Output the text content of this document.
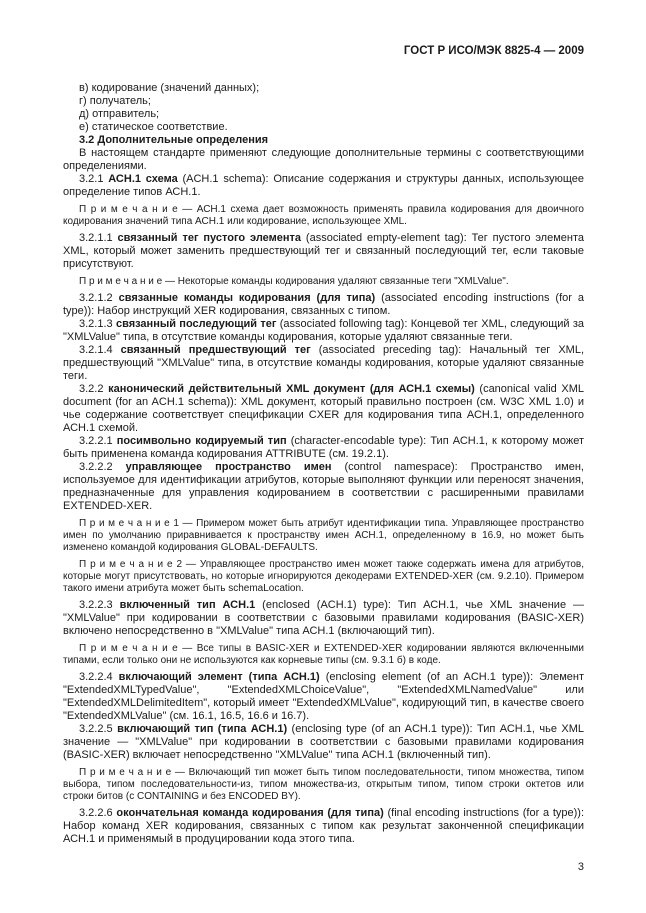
ГОСТ Р ИСО/МЭК 8825-4 — 2009

в) кодирование (значений данных);

г) получатель;

д) отправитель;

е) статическое соответствие.

3.2 Дополнительные определения

В настоящем стандарте применяют следующие дополнительные термины с соответствующими определениями.

3.2.1 АСН.1 схема (ACH.1 schema): Описание содержания и структуры данных, использующее определение типов АСН.1.

П р и м е ч а н и е — АСН.1 схема дает возможность применять правила кодирования для двоичного кодирования значений типа АСН.1 или кодирование, использующее XML.

3.2.1.1 связанный тег пустого элемента (associated empty-element tag): Тег пустого элемента XML, который может заменить предшествующий тег и связанный последующий тег, если таковые присутствуют.

П р и м е ч а н и е — Некоторые команды кодирования удаляют связанные теги "XMLValue".

3.2.1.2 связанные команды кодирования (для типа) (associated encoding instructions (for a type)): Набор инструкций XER кодирования, связанных с типом.

3.2.1.3 связанный последующий тег (associated following tag): Концевой тег XML, следующий за "XMLValue" типа, в отсутствие команды кодирования, которые удаляют связанные теги.

3.2.1.4 связанный предшествующий тег (associated preceding tag): Начальный тег XML, предшествующий "XMLValue" типа, в отсутствие команды кодирования, которые удаляют связанные теги.

3.2.2 канонический действительный XML документ (для АСН.1 схемы) (canonical valid XML document (for an ACH.1 schema)): XML документ, который правильно построен (см. W3C XML 1.0) и чье содержание соответствует спецификации CXER для кодирования типа АСН.1, определенного АСН.1 схемой.

3.2.2.1 посимвольно кодируемый тип (character-encodable type): Тип АСН.1, к которому может быть применена команда кодирования ATTRIBUTE (см. 19.2.1).

3.2.2.2 управляющее пространство имен (control namespace): Пространство имен, используемое для идентификации атрибутов, которые выполняют функции или переносят значения, предназначенные для управления кодированием в соответствии с расширенными правилами EXTENDED-XER.

П р и м е ч а н и е 1 — Примером может быть атрибут идентификации типа. Управляющее пространство имен по умолчанию приравнивается к пространству имен АСН.1, определенному в 16.9, но может быть изменено командой кодирования GLOBAL-DEFAULTS.

П р и м е ч а н и е 2 — Управляющее пространство имен может также содержать имена для атрибутов, которые могут присутствовать, но которые игнорируются декодерами EXTENDED-XER (см. 9.2.10). Примером такого имени атрибута может быть schemaLocation.

3.2.2.3 включенный тип АСН.1 (enclosed (ACH.1) type): Тип АСН.1, чье XML значение — "XMLValue" при кодировании в соответствии с базовыми правилами кодирования (BASIC-XER) включено непосредственно в "XMLValue" типа АСН.1 (включающий тип).

П р и м е ч а н и е — Все типы в BASIC-XER и EXTENDED-XER кодировании являются включенными типами, если только они не используются как корневые типы (см. 9.3.1 б) в коде.

3.2.2.4 включающий элемент (типа АСН.1) (enclosing element (of an ACH.1 type)): Элемент "ExtendedXMLTypedValue", "ExtendedXMLChoiceValue", "ExtendedXMLNamedValue" или "ExtendedXMLDelimitedItem", который имеет "ExtendedXMLValue", кодирующий тип, в качестве своего "ExtendedXMLValue" (см. 16.1, 16.5, 16.6 и 16.7).

3.2.2.5 включающий тип (типа АСН.1) (enclosing type (of an ACH.1 type)): Тип АСН.1, чье XML значение — "XMLValue" при кодировании в соответствии с базовыми правилами кодирования (BASIC-XER) включает непосредственно "XMLValue" типа АСН.1 (включенный тип).

П р и м е ч а н и е — Включающий тип может быть типом последовательности, типом множества, типом выбора, типом последовательности-из, типом множества-из, открытым типом, типом строки октетов или строки битов (с CONTAINING и без ENCODED BY).

3.2.2.6 окончательная команда кодирования (для типа) (final encoding instructions (for a type)): Набор команд XER кодирования, связанных с типом как результат законченной спецификации АСН.1 и применямый в продуцировании кода этого типа.

3
